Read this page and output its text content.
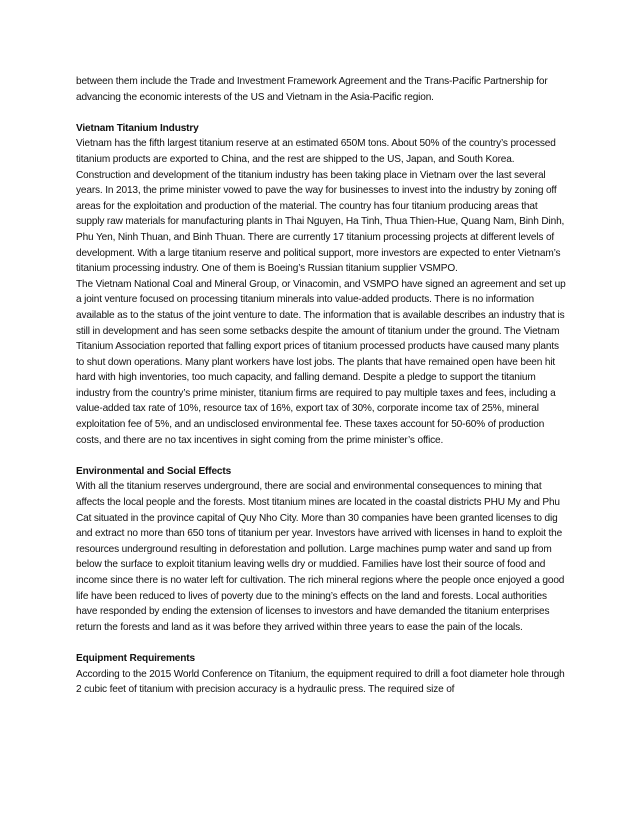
between them include the Trade and Investment Framework Agreement and the Trans-Pacific Partnership for advancing the economic interests of the US and Vietnam in the Asia-Pacific region.

Vietnam Titanium Industry

Vietnam has the fifth largest titanium reserve at an estimated 650M tons. About 50% of the country’s processed titanium products are exported to China, and the rest are shipped to the US, Japan, and South Korea. Construction and development of the titanium industry has been taking place in Vietnam over the last several years. In 2013, the prime minister vowed to pave the way for businesses to invest into the industry by zoning off areas for the exploitation and production of the material. The country has four titanium producing areas that supply raw materials for manufacturing plants in Thai Nguyen, Ha Tinh, Thua Thien-Hue, Quang Nam, Binh Dinh, Phu Yen, Ninh Thuan, and Binh Thuan. There are currently 17 titanium processing projects at different levels of development. With a large titanium reserve and political support, more investors are expected to enter Vietnam’s titanium processing industry. One of them is Boeing’s Russian titanium supplier VSMPO.

The Vietnam National Coal and Mineral Group, or Vinacomin, and VSMPO have signed an agreement and set up a joint venture focused on processing titanium minerals into value-added products. There is no information available as to the status of the joint venture to date. The information that is available describes an industry that is still in development and has seen some setbacks despite the amount of titanium under the ground. The Vietnam Titanium Association reported that falling export prices of titanium processed products have caused many plants to shut down operations. Many plant workers have lost jobs. The plants that have remained open have been hit hard with high inventories, too much capacity, and falling demand. Despite a pledge to support the titanium industry from the country’s prime minister, titanium firms are required to pay multiple taxes and fees, including a value-added tax rate of 10%, resource tax of 16%, export tax of 30%, corporate income tax of 25%, mineral exploitation fee of 5%, and an undisclosed environmental fee. These taxes account for 50-60% of production costs, and there are no tax incentives in sight coming from the prime minister’s office.

Environmental and Social Effects

With all the titanium reserves underground, there are social and environmental consequences to mining that affects the local people and the forests. Most titanium mines are located in the coastal districts PHU My and Phu Cat situated in the province capital of Quy Nho City. More than 30 companies have been granted licenses to dig and extract no more than 650 tons of titanium per year. Investors have arrived with licenses in hand to exploit the resources underground resulting in deforestation and pollution. Large machines pump water and sand up from below the surface to exploit titanium leaving wells dry or muddied. Families have lost their source of food and income since there is no water left for cultivation. The rich mineral regions where the people once enjoyed a good life have been reduced to lives of poverty due to the mining’s effects on the land and forests. Local authorities have responded by ending the extension of licenses to investors and have demanded the titanium enterprises return the forests and land as it was before they arrived within three years to ease the pain of the locals.

Equipment Requirements

According to the 2015 World Conference on Titanium, the equipment required to drill a foot diameter hole through 2 cubic feet of titanium with precision accuracy is a hydraulic press. The required size of
